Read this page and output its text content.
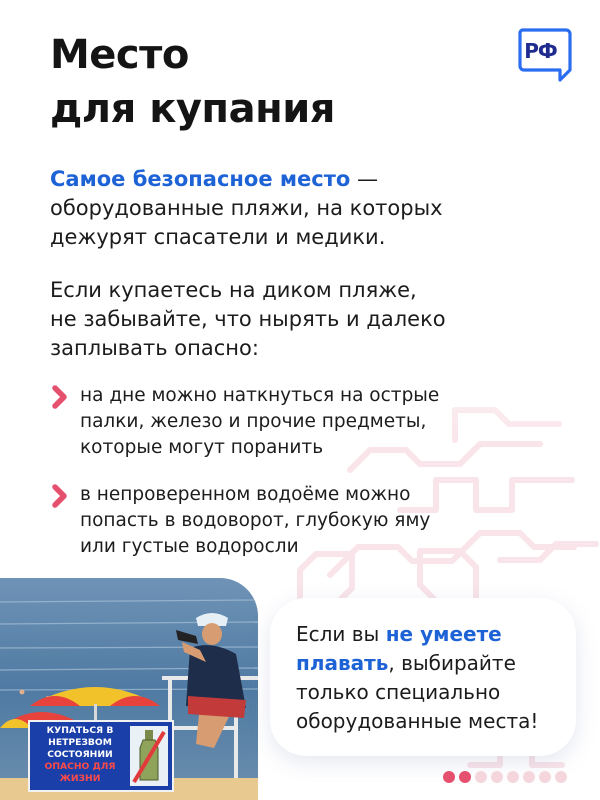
РФ
Место
для купания

Самое безопасное место —
оборудованные пляжи, на которых
дежурят спасатели и медики.

Если купаетесь на диком пляже,
не забывайте, что нырять и далеко
заплывать опасно:

на дне можно наткнуться на острые
палки, железо и прочие предметы,
которые могут поранить

в непроверенном водоёме можно
попасть в водоворот, глубокую яму
или густые водоросли

КУПАТЬСЯ В
НЕТРЕЗВОМ
СОСТОЯНИИ
ОПАСНО ДЛЯ
ЖИЗНИ

Если вы не умеете
плавать, выбирайте
только специально
оборудованные места!
